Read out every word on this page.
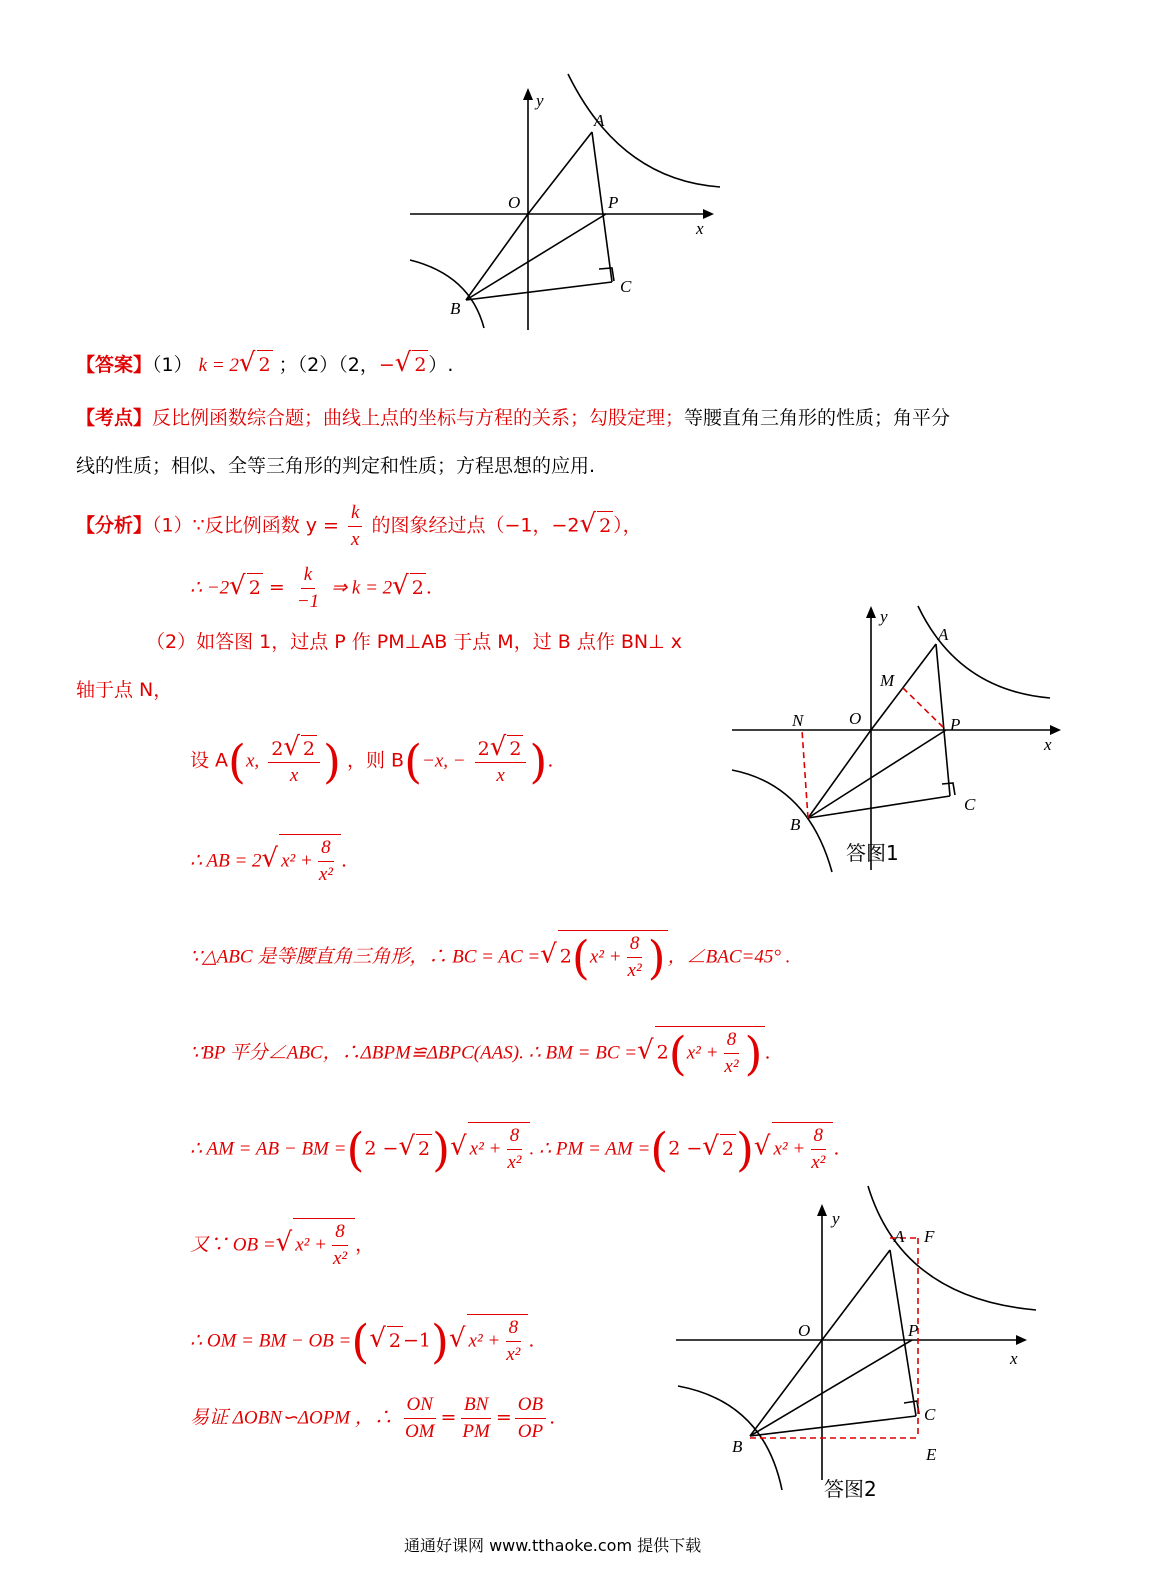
y
x
O
A
P
B
C
【答案】（1） k = 2√ 2 ；（2）（2，−√ 2 ）.
【考点】反比例函数综合题；曲线上点的坐标与方程的关系；勾股定理；等腰直角三角形的性质；角平分
线的性质；相似、全等三角形的判定和性质；方程思想的应用.
【分析】（1）∵反比例函数 $y = \frac{k}{x}$ 的图象经过点（−1，−2√ 2 ），
∴ −2√ $2 = \frac{k}{-1}$ ⇒ k = 2√ 2 .
（2）如答图 1，过点 P 作 PM⊥AB 于点 M，过 B 点作 BN⊥ x
轴于点 N，
设 A(x, $\frac{2√ 2}{x}$ ) ，则 B(−x, − $\frac{2√ 2}{x}$ ).
∴ AB = 2√ $x^2 + \frac{8}{\text{x²}}$ .
∵△ABC 是等腰直角三角形，∴ BC = AC =√ $2(x^2 + \frac{8}{\text{x²}}$ ) ，∠BAC=45° .
∵BP 平分∠ABC，∴ΔBPM≌ΔBPC(AAS). ∴ BM = BC =√ $2(x^2 + \frac{8}{\text{x²}}$ ) .
∴ AM = AB − BM =(2 −√ 2)√ $x^2 + \frac{8}{\text{x²}}$ . ∴ PM = AM =(2 −√ 2)√ $x^2 + \frac{8}{\text{x²}}$ .
又∵ OB =√ $x^2 + \frac{8}{\text{x²}}$ ，
∴ OM = BM − OB =(√ 2 −1)√ $x^2 + \frac{8}{\text{x²}}$ .
易证 ΔOBN∽ΔOPM ，∴ $\frac{ON}{OM} = \frac{BN}{PM} = \frac{OB}{OP}$ .
y
x
O
A
P
B
C
M
N
答图1
y
x
O
A
P
B
C
F
E
答图2
通通好课网 www.tthaoke.com 提供下载
